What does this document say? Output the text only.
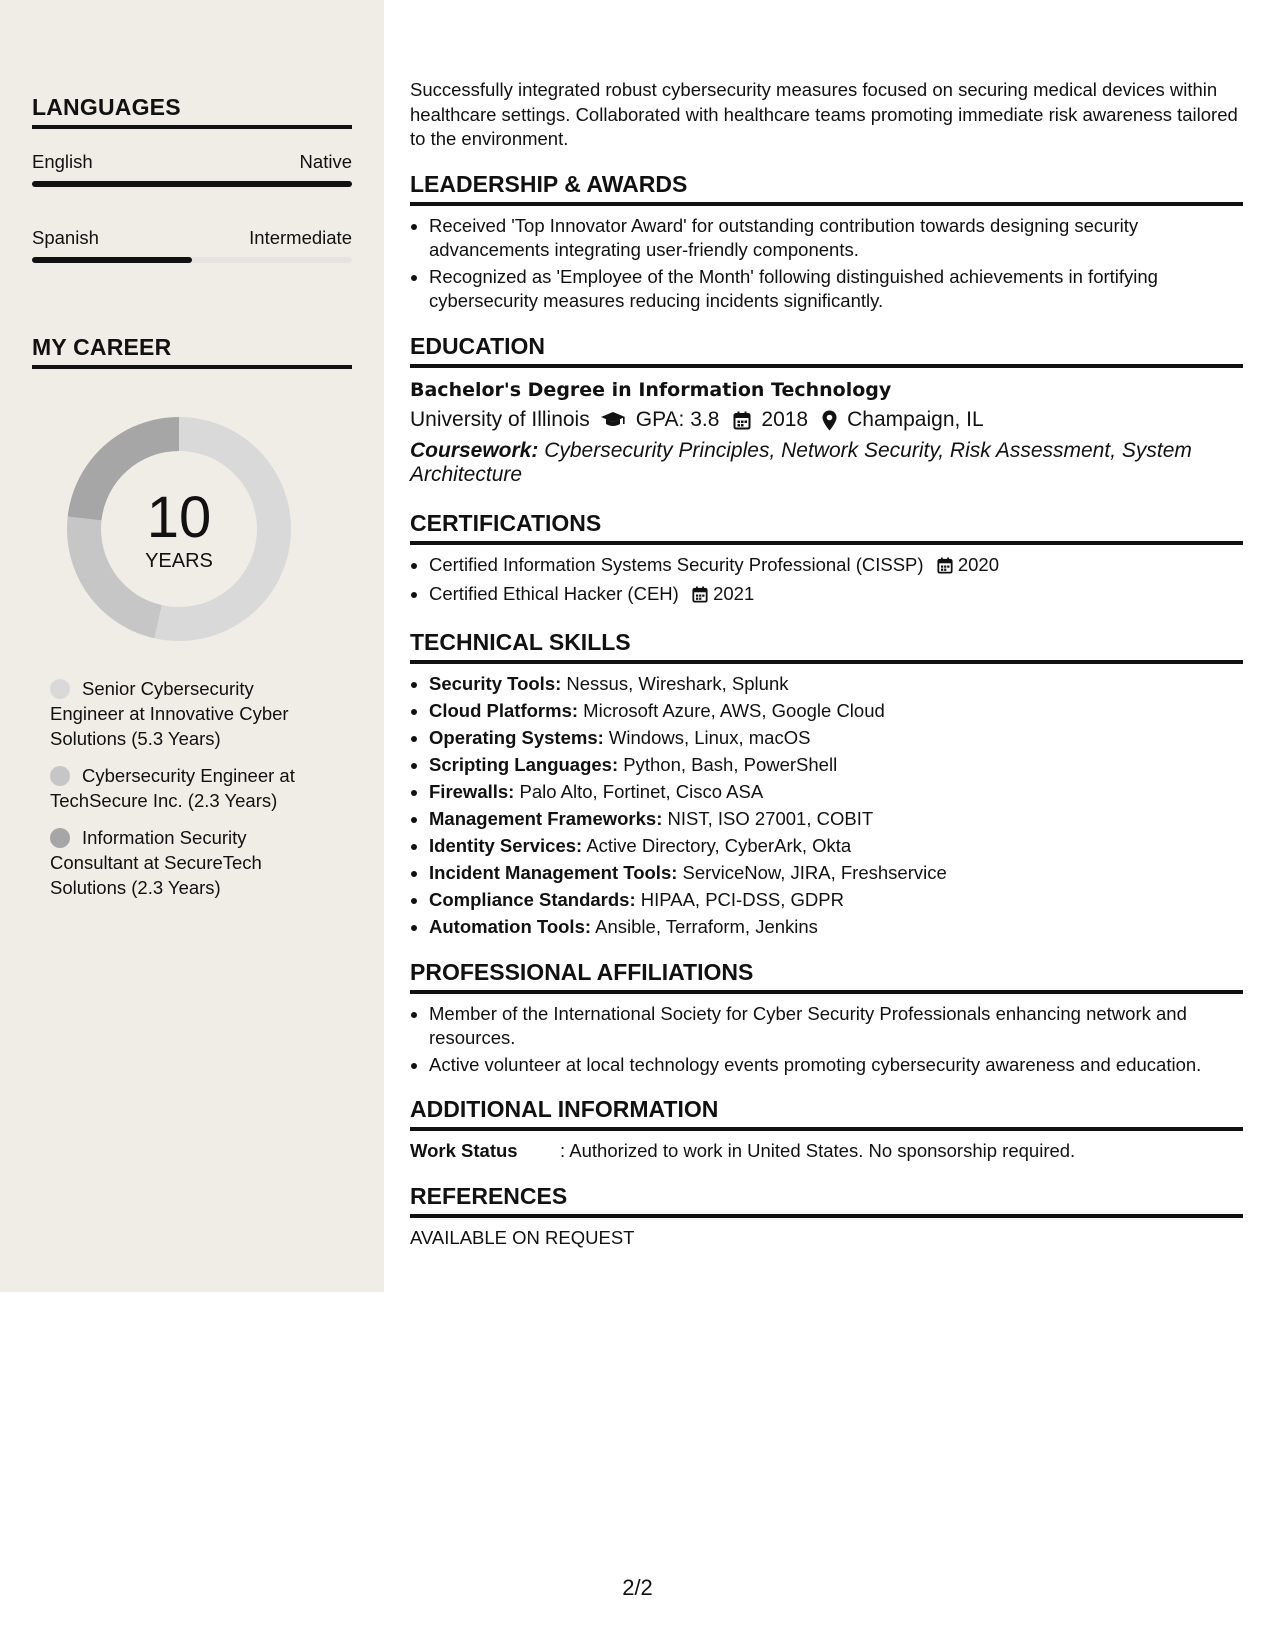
LANGUAGES
English	Native
Spanish	Intermediate
MY CAREER
10
YEARS
Senior Cybersecurity Engineer at Innovative Cyber Solutions (5.3 Years)
Cybersecurity Engineer at TechSecure Inc. (2.3 Years)
Information Security Consultant at SecureTech Solutions (2.3 Years)

Successfully integrated robust cybersecurity measures focused on securing medical devices within healthcare settings. Collaborated with healthcare teams promoting immediate risk awareness tailored to the environment.

LEADERSHIP & AWARDS
• Received 'Top Innovator Award' for outstanding contribution towards designing security advancements integrating user-friendly components.
• Recognized as 'Employee of the Month' following distinguished achievements in fortifying cybersecurity measures reducing incidents significantly.
EDUCATION
Bachelor's Degree in Information Technology
University of Illinois GPA: 3.8 2018 Champaign, IL
Coursework: Cybersecurity Principles, Network Security, Risk Assessment, System Architecture
CERTIFICATIONS
• Certified Information Systems Security Professional (CISSP) 2020
• Certified Ethical Hacker (CEH) 2021
TECHNICAL SKILLS
• Security Tools: Nessus, Wireshark, Splunk
• Cloud Platforms: Microsoft Azure, AWS, Google Cloud
• Operating Systems: Windows, Linux, macOS
• Scripting Languages: Python, Bash, PowerShell
• Firewalls: Palo Alto, Fortinet, Cisco ASA
• Management Frameworks: NIST, ISO 27001, COBIT
• Identity Services: Active Directory, CyberArk, Okta
• Incident Management Tools: ServiceNow, JIRA, Freshservice
• Compliance Standards: HIPAA, PCI-DSS, GDPR
• Automation Tools: Ansible, Terraform, Jenkins
PROFESSIONAL AFFILIATIONS
• Member of the International Society for Cyber Security Professionals enhancing network and resources.
• Active volunteer at local technology events promoting cybersecurity awareness and education.
ADDITIONAL INFORMATION
Work Status	: Authorized to work in United States. No sponsorship required.
REFERENCES

AVAILABLE ON REQUEST

2/2
